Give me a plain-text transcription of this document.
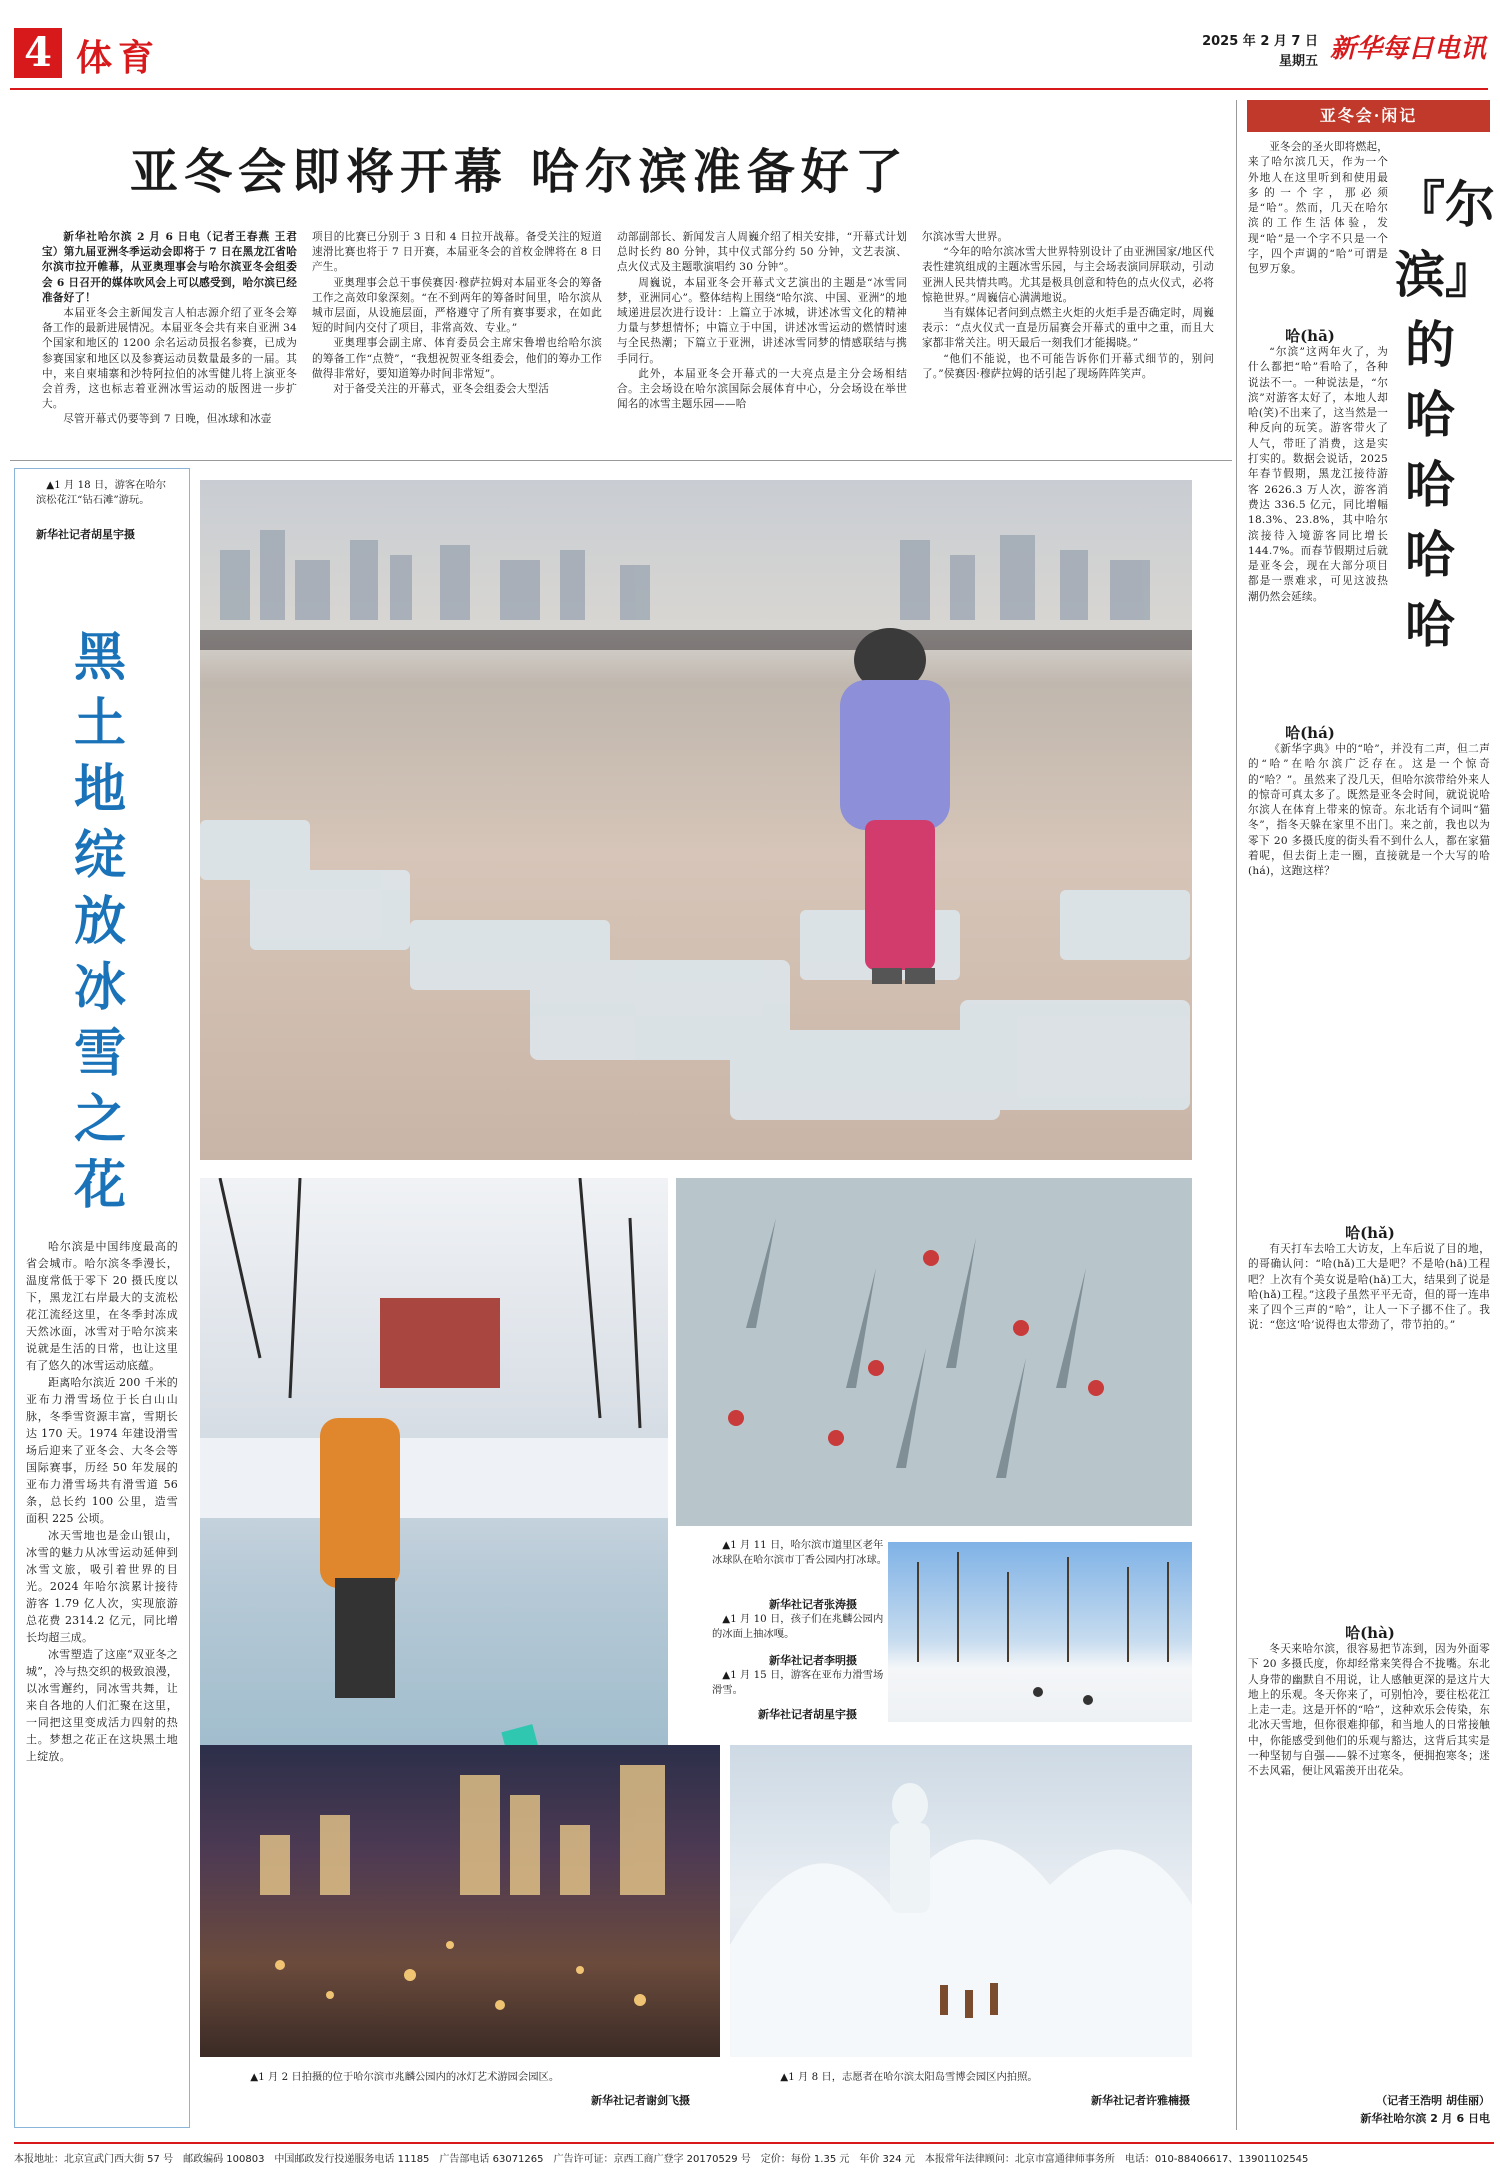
4 体育	2025 年 2 月 7 日
星期五 新华每日电讯
亚冬会即将开幕 哈尔滨准备好了

新华社哈尔滨 2 月 6 日电（记者王春燕 王君宝）第九届亚洲冬季运动会即将于 7 日在黑龙江省哈尔滨市拉开帷幕，从亚奥理事会与哈尔滨亚冬会组委会 6 日召开的媒体吹风会上可以感受到，哈尔滨已经准备好了！

本届亚冬会主新闻发言人柏志源介绍了亚冬会筹备工作的最新进展情况。本届亚冬会共有来自亚洲 34 个国家和地区的 1200 余名运动员报名参赛，已成为参赛国家和地区以及参赛运动员数量最多的一届。其中，来自柬埔寨和沙特阿拉伯的冰雪健儿将上演亚冬会首秀，这也标志着亚洲冰雪运动的版图进一步扩大。

尽管开幕式仍要等到 7 日晚，但冰球和冰壶

项目的比赛已分别于 3 日和 4 日拉开战幕。备受关注的短道速滑比赛也将于 7 日开赛，本届亚冬会的首枚金牌将在 8 日产生。

亚奥理事会总干事侯赛因·穆萨拉姆对本届亚冬会的筹备工作之高效印象深刻。“在不到两年的筹备时间里，哈尔滨从城市层面，从设施层面，严格遵守了所有赛事要求，在如此短的时间内交付了项目，非常高效、专业。”

亚奥理事会副主席、体育委员会主席宋鲁增也给哈尔滨的筹备工作“点赞”，“我想祝贺亚冬组委会，他们的筹办工作做得非常好，要知道筹办时间非常短”。

对于备受关注的开幕式，亚冬会组委会大型活

动部副部长、新闻发言人周巍介绍了相关安排，“开幕式计划总时长约 80 分钟，其中仪式部分约 50 分钟，文艺表演、点火仪式及主题歌演唱约 30 分钟”。

周巍说，本届亚冬会开幕式文艺演出的主题是“冰雪同梦，亚洲同心”。整体结构上围绕“哈尔滨、中国、亚洲”的地域递进层次进行设计：上篇立于冰城，讲述冰雪文化的精神力量与梦想情怀；中篇立于中国，讲述冰雪运动的燃情时速与全民热潮；下篇立于亚洲，讲述冰雪同梦的情感联结与携手同行。

此外，本届亚冬会开幕式的一大亮点是主分会场相结合。主会场设在哈尔滨国际会展体育中心，分会场设在举世闻名的冰雪主题乐园——哈

尔滨冰雪大世界。

“今年的哈尔滨冰雪大世界特别设计了由亚洲国家/地区代表性建筑组成的主题冰雪乐园，与主会场表演同屏联动，引动亚洲人民共情共鸣。尤其是极具创意和特色的点火仪式，必将惊艳世界。”周巍信心满满地说。

当有媒体记者问到点燃主火炬的火炬手是否确定时，周巍表示：“点火仪式一直是历届赛会开幕式的重中之重，而且大家都非常关注。明天最后一刻我们才能揭晓。”

“他们不能说，也不可能告诉你们开幕式细节的，别问了。”侯赛因·穆萨拉姆的话引起了现场阵阵笑声。

▲1 月 18 日，游客在哈尔滨松花江“钻石滩”游玩。
新华社记者胡星宇摄
黑土地绽放冰雪之花

哈尔滨是中国纬度最高的省会城市。哈尔滨冬季漫长，温度常低于零下 20 摄氏度以下，黑龙江右岸最大的支流松花江流经这里，在冬季封冻成天然冰面，冰雪对于哈尔滨来说就是生活的日常，也让这里有了悠久的冰雪运动底蕴。

距离哈尔滨近 200 千米的亚布力滑雪场位于长白山山脉，冬季雪资源丰富，雪期长达 170 天。1974 年建设滑雪场后迎来了亚冬会、大冬会等国际赛事，历经 50 年发展的亚布力滑雪场共有滑雪道 56 条，总长约 100 公里，造雪面积 225 公顷。

冰天雪地也是金山银山，冰雪的魅力从冰雪运动延伸到冰雪文旅，吸引着世界的目光。2024 年哈尔滨累计接待游客 1.79 亿人次，实现旅游总花费 2314.2 亿元，同比增长均超三成。

冰雪塑造了这座“双亚冬之城”，冷与热交织的极致浪漫，以冰雪邂约，同冰雪共舞，让来自各地的人们汇聚在这里，一同把这里变成活力四射的热土。梦想之花正在这块黑土地上绽放。

▲1 月 11 日，哈尔滨市道里区老年冰球队在哈尔滨市丁香公园内打冰球。
新华社记者张涛摄
▲1 月 10 日，孩子们在兆麟公园内的冰面上抽冰嘎。
新华社记者李明摄
▲1 月 15 日，游客在亚布力滑雪场滑雪。
新华社记者胡星宇摄
▲1 月 2 日拍摄的位于哈尔滨市兆麟公园内的冰灯艺术游园会园区。
新华社记者谢剑飞摄
▲1 月 8 日，志愿者在哈尔滨太阳岛雪博会园区内拍照。
新华社记者许雅楠摄
亚冬会·闲记
『尔滨』的哈哈哈哈

亚冬会的圣火即将燃起，来了哈尔滨几天，作为一个外地人在这里听到和使用最多的一个字，那必须是“哈”。然而，几天在哈尔滨的工作生活体验，发现“哈”是一个字不只是一个字，四个声调的“哈”可谓是包罗万象。

哈(hā)

“尔滨”这两年火了，为什么都把“哈”看哈了，各种说法不一。一种说法是，“尔滨”对游客太好了，本地人却哈(笑)不出来了，这当然是一种反向的玩笑。游客带火了人气，带旺了消费，这是实打实的。数据会说话，2025 年春节假期，黑龙江接待游客 2626.3 万人次，游客消费达 336.5 亿元，同比增幅 18.3%、23.8%，其中哈尔滨接待入境游客同比增长 144.7%。而春节假期过后就是亚冬会，现在大部分项目都是一票难求，可见这波热潮仍然会延续。

哈(há)

《新华字典》中的“哈”，并没有二声，但二声的“哈”在哈尔滨广泛存在。这是一个惊奇的“哈？”。虽然来了没几天，但哈尔滨带给外来人的惊奇可真太多了。既然是亚冬会时间，就说说哈尔滨人在体育上带来的惊奇。东北话有个词叫“猫冬”，指冬天躲在家里不出门。来之前，我也以为零下 20 多摄氏度的街头看不到什么人，都在家猫着呢，但去街上走一圈，直接就是一个大写的哈(há)，这跑这样？

哈(hǎ)

有天打车去哈工大访友，上车后说了目的地，的哥确认问：“哈(hǎ)工大是吧？不是哈(hā)工程吧？上次有个美女说是哈(hǎ)工大，结果到了说是哈(hǎ)工程。”这段子虽然平平无奇，但的哥一连串来了四个三声的“哈”，让人一下子挪不住了。我说：“您这‘哈’说得也太带劲了，带节拍的。”

哈(hà)

冬天来哈尔滨，很容易把节冻到，因为外面零下 20 多摄氏度，你却经常来笑得合不拢嘴。东北人身带的幽默自不用说，让人感触更深的是这片大地上的乐观。冬天你来了，可别怕冷，要往松花江上走一走。这是开怀的“哈”，这种欢乐会传染，东北冰天雪地，但你很难抑郁，和当地人的日常接触中，你能感受到他们的乐观与豁达，这背后其实是一种坚韧与自强——躲不过寒冬，便拥抱寒冬；迷不去风霜，便让风霜羡开出花朵。

（记者王浩明 胡佳丽）
新华社哈尔滨 2 月 6 日电
本报地址：北京宣武门西大街 57 号　邮政编码 100803　中国邮政发行投递服务电话 11185　广告部电话 63071265　广告许可证：京西工商广登字 20170529 号　定价：每份 1.35 元　年价 324 元　本报常年法律顾问：北京市富通律师事务所　电话：010-88406617、13901102545
